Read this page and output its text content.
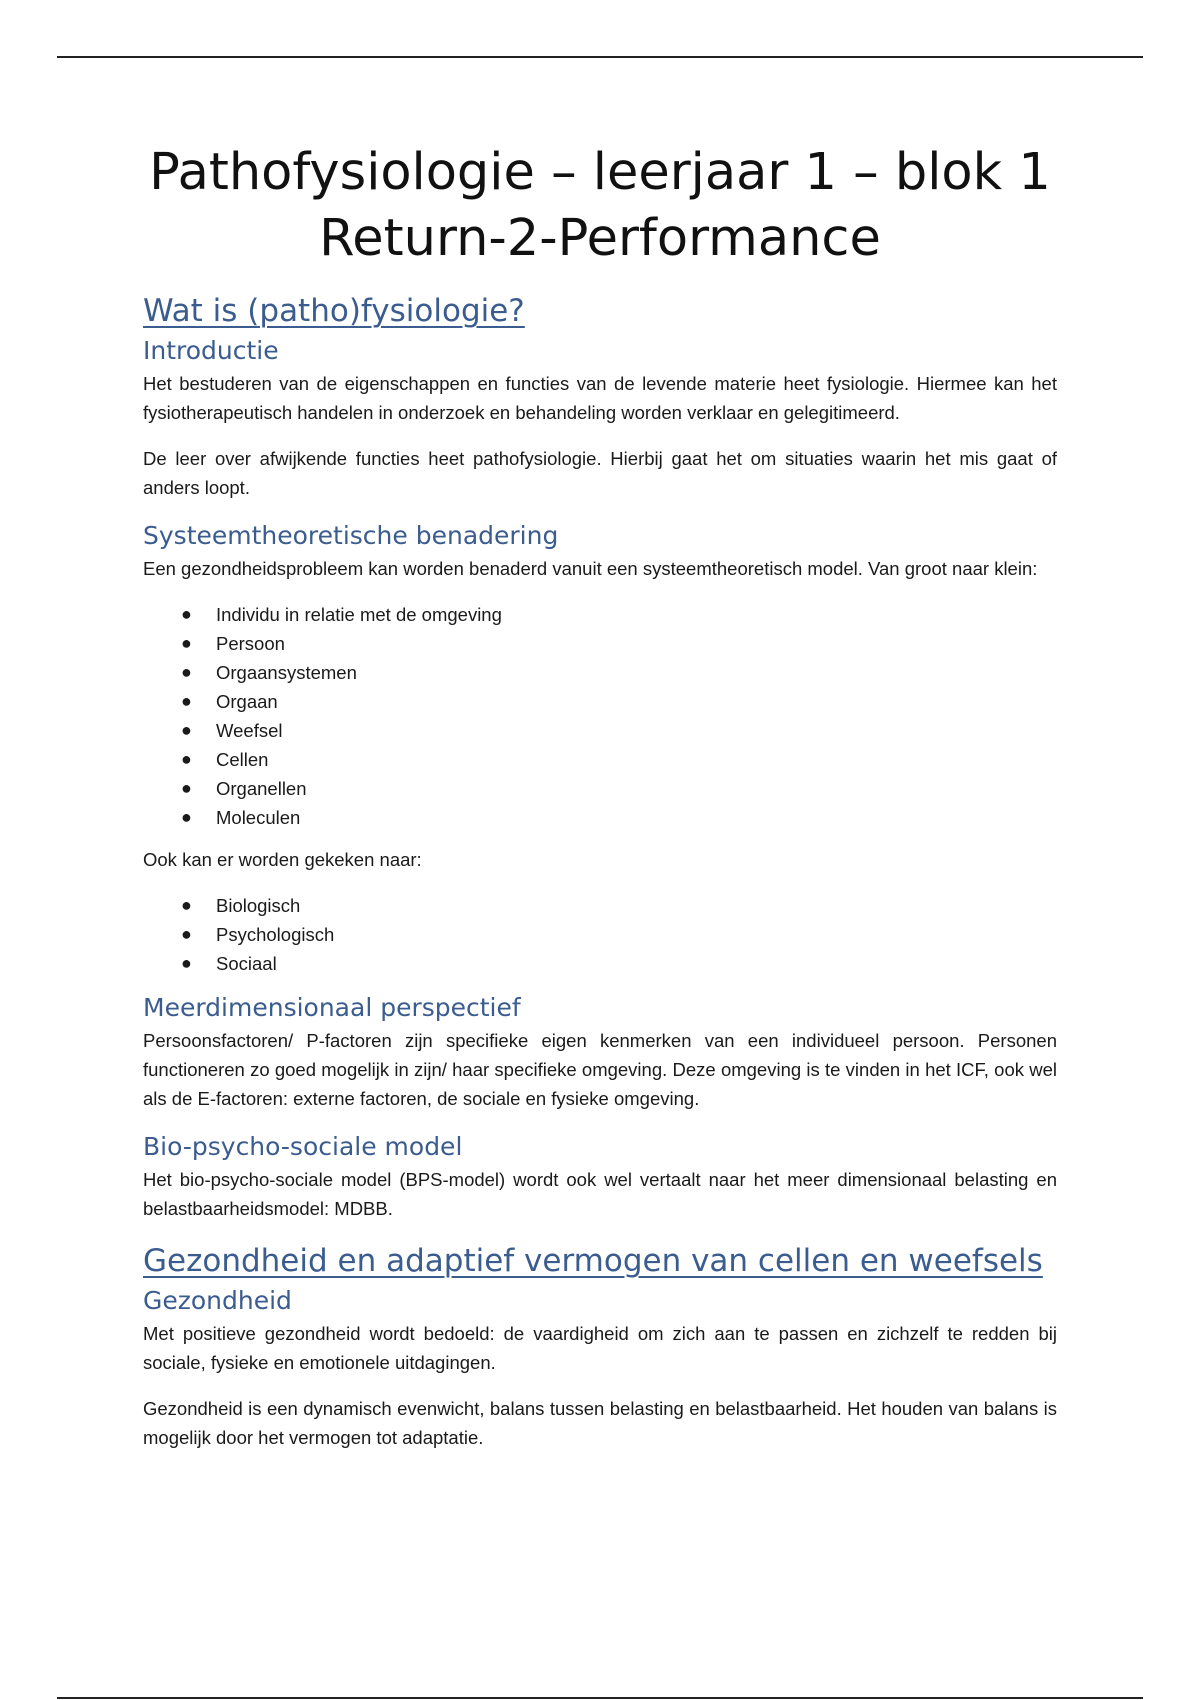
Pathofysiologie – leerjaar 1 – blok 1 Return-2-Performance
Wat is (patho)fysiologie?
Introductie

Het bestuderen van de eigenschappen en functies van de levende materie heet fysiologie. Hiermee kan het fysiotherapeutisch handelen in onderzoek en behandeling worden verklaar en gelegitimeerd.

De leer over afwijkende functies heet pathofysiologie. Hierbij gaat het om situaties waarin het mis gaat of anders loopt.

Systeemtheoretische benadering

Een gezondheidsprobleem kan worden benaderd vanuit een systeemtheoretisch model. Van groot naar klein:

● Individu in relatie met de omgeving
● Persoon
● Orgaansystemen
● Orgaan
● Weefsel
● Cellen
● Organellen
● Moleculen

Ook kan er worden gekeken naar:

● Biologisch
● Psychologisch
● Sociaal
Meerdimensionaal perspectief

Persoonsfactoren/ P-factoren zijn specifieke eigen kenmerken van een individueel persoon. Personen functioneren zo goed mogelijk in zijn/ haar specifieke omgeving. Deze omgeving is te vinden in het ICF, ook wel als de E-factoren: externe factoren, de sociale en fysieke omgeving.

Bio-psycho-sociale model

Het bio-psycho-sociale model (BPS-model) wordt ook wel vertaalt naar het meer dimensionaal belasting en belastbaarheidsmodel: MDBB.

Gezondheid en adaptief vermogen van cellen en weefsels
Gezondheid

Met positieve gezondheid wordt bedoeld: de vaardigheid om zich aan te passen en zichzelf te redden bij sociale, fysieke en emotionele uitdagingen.

Gezondheid is een dynamisch evenwicht, balans tussen belasting en belastbaarheid. Het houden van balans is mogelijk door het vermogen tot adaptatie.
